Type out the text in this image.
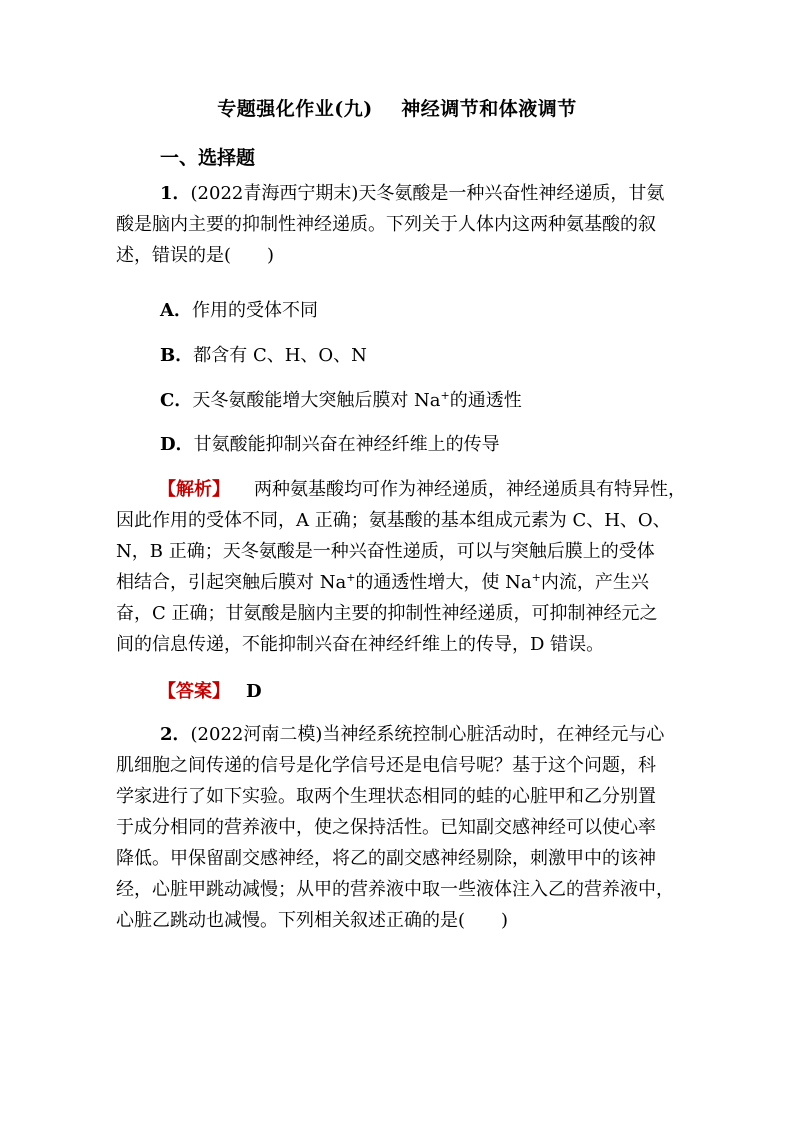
专题强化作业(九)    神经调节和体液调节
一、选择题
1．(2022青海西宁期末)天冬氨酸是一种兴奋性神经递质，甘氨
酸是脑内主要的抑制性神经递质。下列关于人体内这两种氨基酸的叙
述，错误的是(　　)
A．作用的受体不同
B．都含有 C、H、O、N
C．天冬氨酸能增大突触后膜对 Na+的通透性
D．甘氨酸能抑制兴奋在神经纤维上的传导
【解析】 两种氨基酸均可作为神经递质，神经递质具有特异性，
因此作用的受体不同，A 正确；氨基酸的基本组成元素为 C、H、O、
N，B 正确；天冬氨酸是一种兴奋性递质，可以与突触后膜上的受体
相结合，引起突触后膜对 Na+的通透性增大，使 Na+内流，产生兴
奋，C 正确；甘氨酸是脑内主要的抑制性神经递质，可抑制神经元之
间的信息传递，不能抑制兴奋在神经纤维上的传导，D 错误。
【答案】 D
2．(2022河南二模)当神经系统控制心脏活动时，在神经元与心
肌细胞之间传递的信号是化学信号还是电信号呢？基于这个问题，科
学家进行了如下实验。取两个生理状态相同的蛙的心脏甲和乙分别置
于成分相同的营养液中，使之保持活性。已知副交感神经可以使心率
降低。甲保留副交感神经，将乙的副交感神经剔除，刺激甲中的该神
经，心脏甲跳动减慢；从甲的营养液中取一些液体注入乙的营养液中，
心脏乙跳动也减慢。下列相关叙述正确的是(　　)
